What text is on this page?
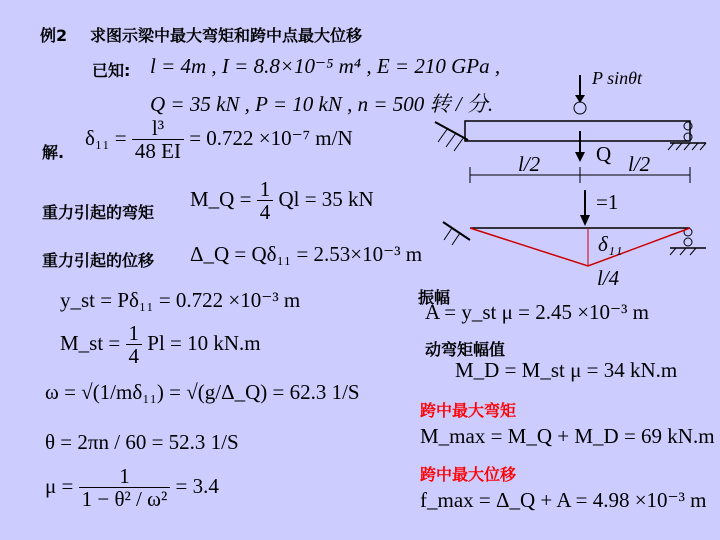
例2 求图示梁中最大弯矩和跨中点最大位移
已知: l = 4m , I = 8.8×10⁻⁵ m⁴ , E = 210 GPa ,
Q = 35 kN , P = 10 kN , n = 500 转 / 分.
解.
$\delta_{11} = \frac{\text{l³}}{48 EI} = 0.722 \times 10^{-7}$ m/N
重力引起的弯矩
M_Q = $\frac{1}{4}$ Ql = 35 kN
重力引起的位移 Δ_Q = Qδ₁₁ = 2.53×10⁻³ m
y_st = Pδ₁₁ = 0.722 ×10⁻³ m
M_st = $\frac{1}{4}$ Pl = 10 kN.m
ω = √(1/mδ₁₁) = √(g/Δ_Q) = 62.3 1/S
θ = 2πn / 60 = 52.3 1/S
$\mu = \frac{1}{\text{1 − θ² / ω²}} = 3.4$
振幅
A = y_st μ = 2.45 ×10⁻³ m
动弯矩幅值
M_D = M_st μ = 34 kN.m
跨中最大弯矩
M_max = M_Q + M_D = 69 kN.m
跨中最大位移
f_max = Δ_Q + A = 4.98 ×10⁻³ m
P sinθt
Q
l/2	l/2
=1
δ₁₁
l/4
